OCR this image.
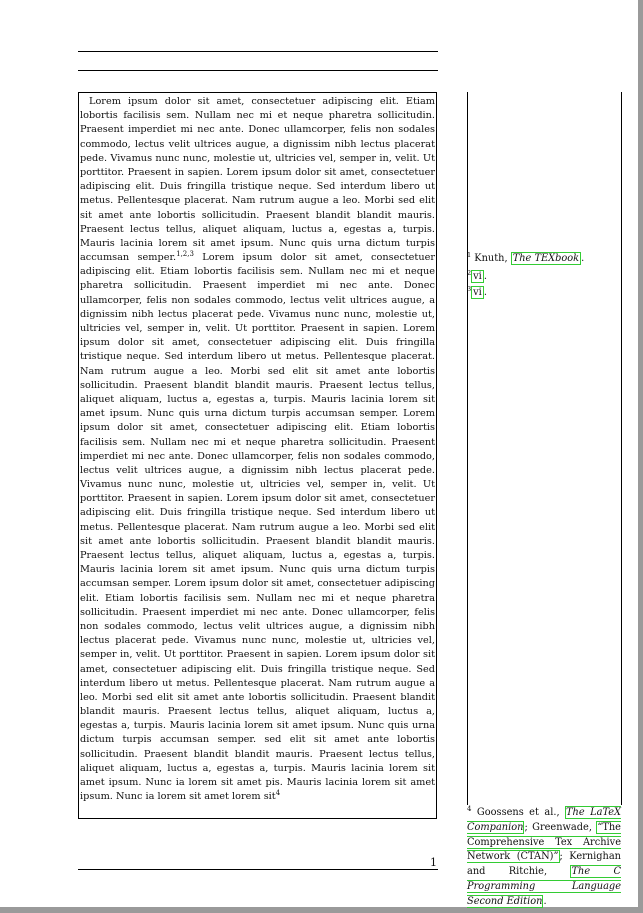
Lorem ipsum dolor sit amet, consectetuer adipiscing elit. Etiam lobortis facilisis sem. Nullam nec mi et neque pharetra sollicitudin. Praesent imperdiet mi nec ante. Donec ullamcorper, felis non sodales commodo, lectus velit ultrices augue, a dignissim nibh lectus placerat pede. Vivamus nunc nunc, molestie ut, ultricies vel, semper in, velit. Ut porttitor. Praesent in sapien. Lorem ipsum dolor sit amet, consectetuer adipiscing elit. Duis fringilla tristique neque. Sed interdum libero ut metus. Pellentesque placerat. Nam rutrum augue a leo. Morbi sed elit sit amet ante lobortis sollicitudin. Praesent blandit blandit mauris. Praesent lectus tellus, aliquet aliquam, luctus a, egestas a, turpis. Mauris lacinia lorem sit amet ipsum. Nunc quis urna dictum turpis accumsan semper.$^{1,2,3}$ Lorem ipsum dolor sit amet, consectetuer adipiscing elit. Etiam lobortis facilisis sem. Nullam nec mi et neque pharetra sollicitudin. Praesent imperdiet mi nec ante. Donec ullamcorper, felis non sodales commodo, lectus velit ultrices augue, a dignissim nibh lectus placerat pede. Vivamus nunc nunc, molestie ut, ultricies vel, semper in, velit. Ut porttitor. Praesent in sapien. Lorem ipsum dolor sit amet, consectetuer adipiscing elit. Duis fringilla tristique neque. Sed interdum libero ut metus. Pellentesque placerat. Nam rutrum augue a leo. Morbi sed elit sit amet ante lobortis sollicitudin. Praesent blandit blandit mauris. Praesent lectus tellus, aliquet aliquam, luctus a, egestas a, turpis. Mauris lacinia lorem sit amet ipsum. Nunc quis urna dictum turpis accumsan semper. Lorem ipsum dolor sit amet, consectetuer adipiscing elit. Etiam lobortis facilisis sem. Nullam nec mi et neque pharetra sollicitudin. Praesent imperdiet mi nec ante. Donec ullamcorper, felis non sodales commodo, lectus velit ultrices augue, a dignissim nibh lectus placerat pede. Vivamus nunc nunc, molestie ut, ultricies vel, semper in, velit. Ut porttitor. Praesent in sapien. Lorem ipsum dolor sit amet, consectetuer adipiscing elit. Duis fringilla tristique neque. Sed interdum libero ut metus. Pellentesque placerat. Nam rutrum augue a leo. Morbi sed elit sit amet ante lobortis sollicitudin. Praesent blandit blandit mauris. Praesent lectus tellus, aliquet aliquam, luctus a, egestas a, turpis. Mauris lacinia lorem sit amet ipsum. Nunc quis urna dictum turpis accumsan semper. Lorem ipsum dolor sit amet, consectetuer adipiscing elit. Etiam lobortis facilisis sem. Nullam nec mi et neque pharetra sollicitudin. Praesent imperdiet mi nec ante. Donec ullamcorper, felis non sodales commodo, lectus velit ultrices augue, a dignissim nibh lectus placerat pede. Vivamus nunc nunc, molestie ut, ultricies vel, semper in, velit. Ut porttitor. Praesent in sapien. Lorem ipsum dolor sit amet, consectetuer adipiscing elit. Duis fringilla tristique neque. Sed interdum libero ut metus. Pellentesque placerat. Nam rutrum augue a leo. Morbi sed elit sit amet ante lobortis sollicitudin. Praesent blandit blandit mauris. Praesent lectus tellus, aliquet aliquam, luctus a, egestas a, turpis. Mauris lacinia lorem sit amet ipsum. Nunc quis urna dictum turpis accumsan semper. sed elit sit amet ante lobortis sollicitudin. Praesent blandit blandit mauris. Praesent lectus tellus, aliquet aliquam, luctus a, egestas a, turpis. Mauris lacinia lorem sit amet ipsum. Nunc ia lorem sit amet pis. Mauris lacinia lorem sit amet ipsum. Nunc ia lorem sit amet lorem sit$^4$

1
$^1$ Knuth, The TEXbook .
$^2$ vi .
$^3$ vi .
$^4$ Goossens et al., The LaTeX Companion; Greenwade, “The Comprehensive Tex Archive Network (CTAN)”; Kernighan and Ritchie, The C Programming Language Second Edition.
